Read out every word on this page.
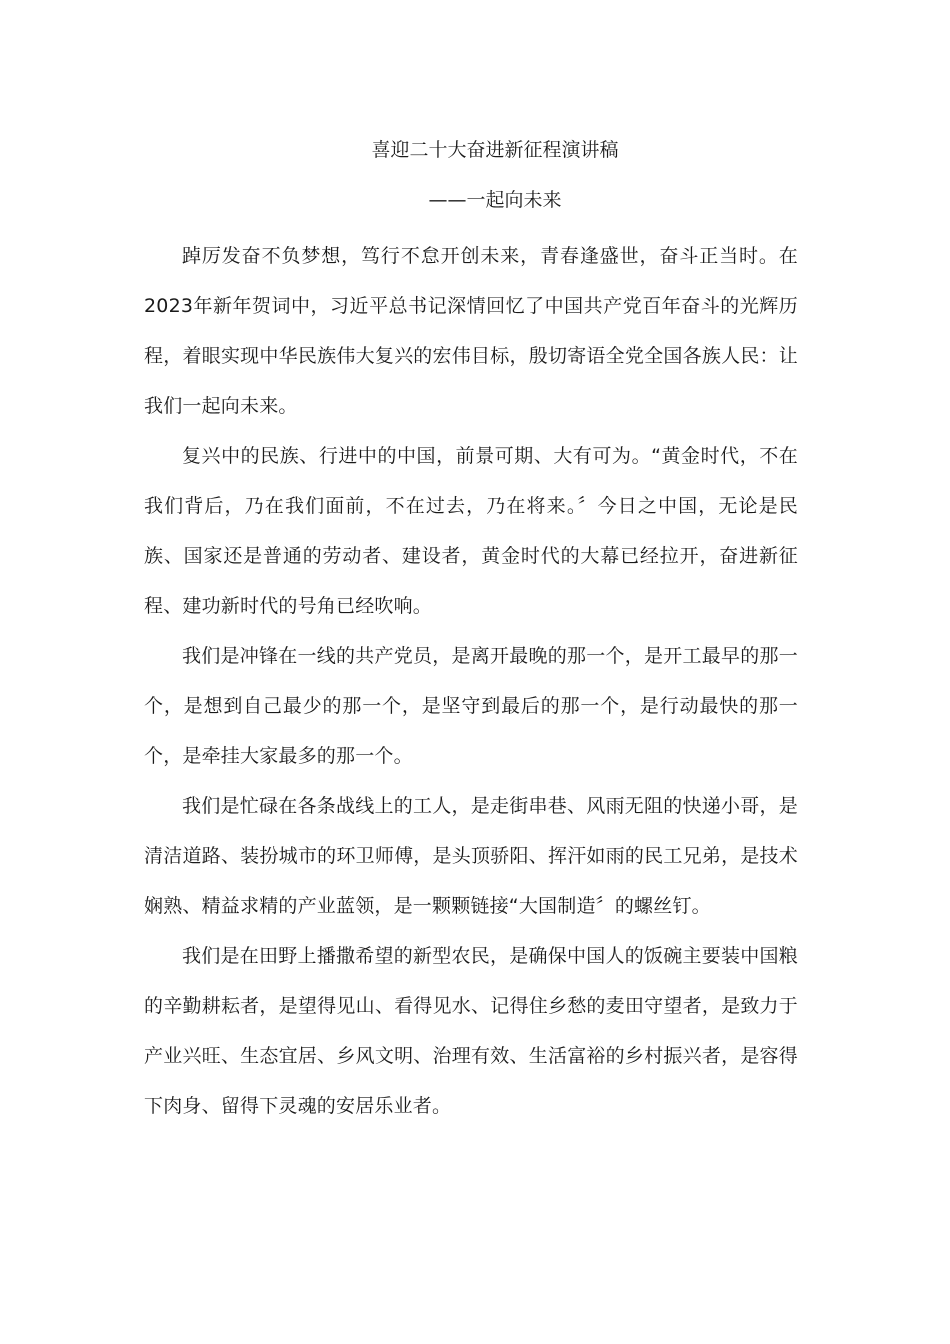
喜迎二十大奋进新征程演讲稿
——一起向未来

踔厉发奋不负梦想，笃行不怠开创未来，青春逢盛世，奋斗正当时。在2023年新年贺词中，习近平总书记深情回忆了中国共产党百年奋斗的光辉历程，着眼实现中华民族伟大复兴的宏伟目标，殷切寄语全党全国各族人民：让我们一起向未来。

复兴中的民族、行进中的中国，前景可期、大有可为。“黄金时代，不在我们背后，乃在我们面前，不在过去，乃在将来。〞今日之中国，无论是民族、国家还是普通的劳动者、建设者，黄金时代的大幕已经拉开，奋进新征程、建功新时代的号角已经吹响。

我们是冲锋在一线的共产党员，是离开最晚的那一个，是开工最早的那一个，是想到自己最少的那一个，是坚守到最后的那一个，是行动最快的那一个，是牵挂大家最多的那一个。

我们是忙碌在各条战线上的工人，是走街串巷、风雨无阻的快递小哥，是清洁道路、装扮城市的环卫师傅，是头顶骄阳、挥汗如雨的民工兄弟，是技术娴熟、精益求精的产业蓝领，是一颗颗链接“大国制造〞的螺丝钉。

我们是在田野上播撒希望的新型农民，是确保中国人的饭碗主要装中国粮的辛勤耕耘者，是望得见山、看得见水、记得住乡愁的麦田守望者，是致力于产业兴旺、生态宜居、乡风文明、治理有效、生活富裕的乡村振兴者，是容得下肉身、留得下灵魂的安居乐业者。
